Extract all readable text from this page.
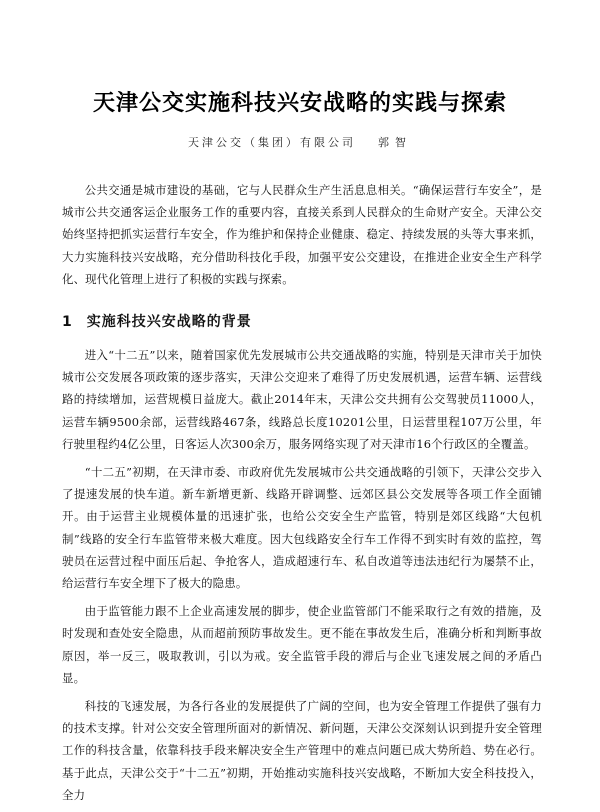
天津公交实施科技兴安战略的实践与探索
天津公交（集团）有限公司 郭智

公共交通是城市建设的基础，它与人民群众生产生活息息相关。“确保运营行车安全”，是城市公共交通客运企业服务工作的重要内容，直接关系到人民群众的生命财产安全。天津公交始终坚持把抓实运营行车安全，作为维护和保持企业健康、稳定、持续发展的头等大事来抓，大力实施科技兴安战略，充分借助科技化手段，加强平安公交建设，在推进企业安全生产科学化、现代化管理上进行了积极的实践与探索。

1 实施科技兴安战略的背景

进入“十二五”以来，随着国家优先发展城市公共交通战略的实施，特别是天津市关于加快城市公交发展各项政策的逐步落实，天津公交迎来了难得了历史发展机遇，运营车辆、运营线路的持续增加，运营规模日益庞大。截止2014年末，天津公交共拥有公交驾驶员11000人，运营车辆9500余部，运营线路467条，线路总长度10201公里，日运营里程107万公里，年行驶里程约4亿公里，日客运人次300余万，服务网络实现了对天津市16个行政区的全覆盖。

“十二五”初期，在天津市委、市政府优先发展城市公共交通战略的引领下，天津公交步入了提速发展的快车道。新车新增更新、线路开辟调整、远郊区县公交发展等各项工作全面铺开。由于运营主业规模体量的迅速扩张，也给公交安全生产监管，特别是郊区线路“大包机制”线路的安全行车监管带来极大难度。因大包线路安全行车工作得不到实时有效的监控，驾驶员在运营过程中面压后起、争抢客人，造成超速行车、私自改道等违法违纪行为屡禁不止，给运营行车安全埋下了极大的隐患。

由于监管能力跟不上企业高速发展的脚步，使企业监管部门不能采取行之有效的措施，及时发现和查处安全隐患，从而超前预防事故发生。更不能在事故发生后，准确分析和判断事故原因，举一反三，吸取教训，引以为戒。安全监管手段的滞后与企业飞速发展之间的矛盾凸显。

科技的飞速发展，为各行各业的发展提供了广阔的空间，也为安全管理工作提供了强有力的技术支撑。针对公交安全管理所面对的新情况、新问题，天津公交深刻认识到提升安全管理工作的科技含量，依靠科技手段来解决安全生产管理中的难点问题已成大势所趋、势在必行。基于此点，天津公交于“十二五”初期，开始推动实施科技兴安战略，不断加大安全科技投入，全力
